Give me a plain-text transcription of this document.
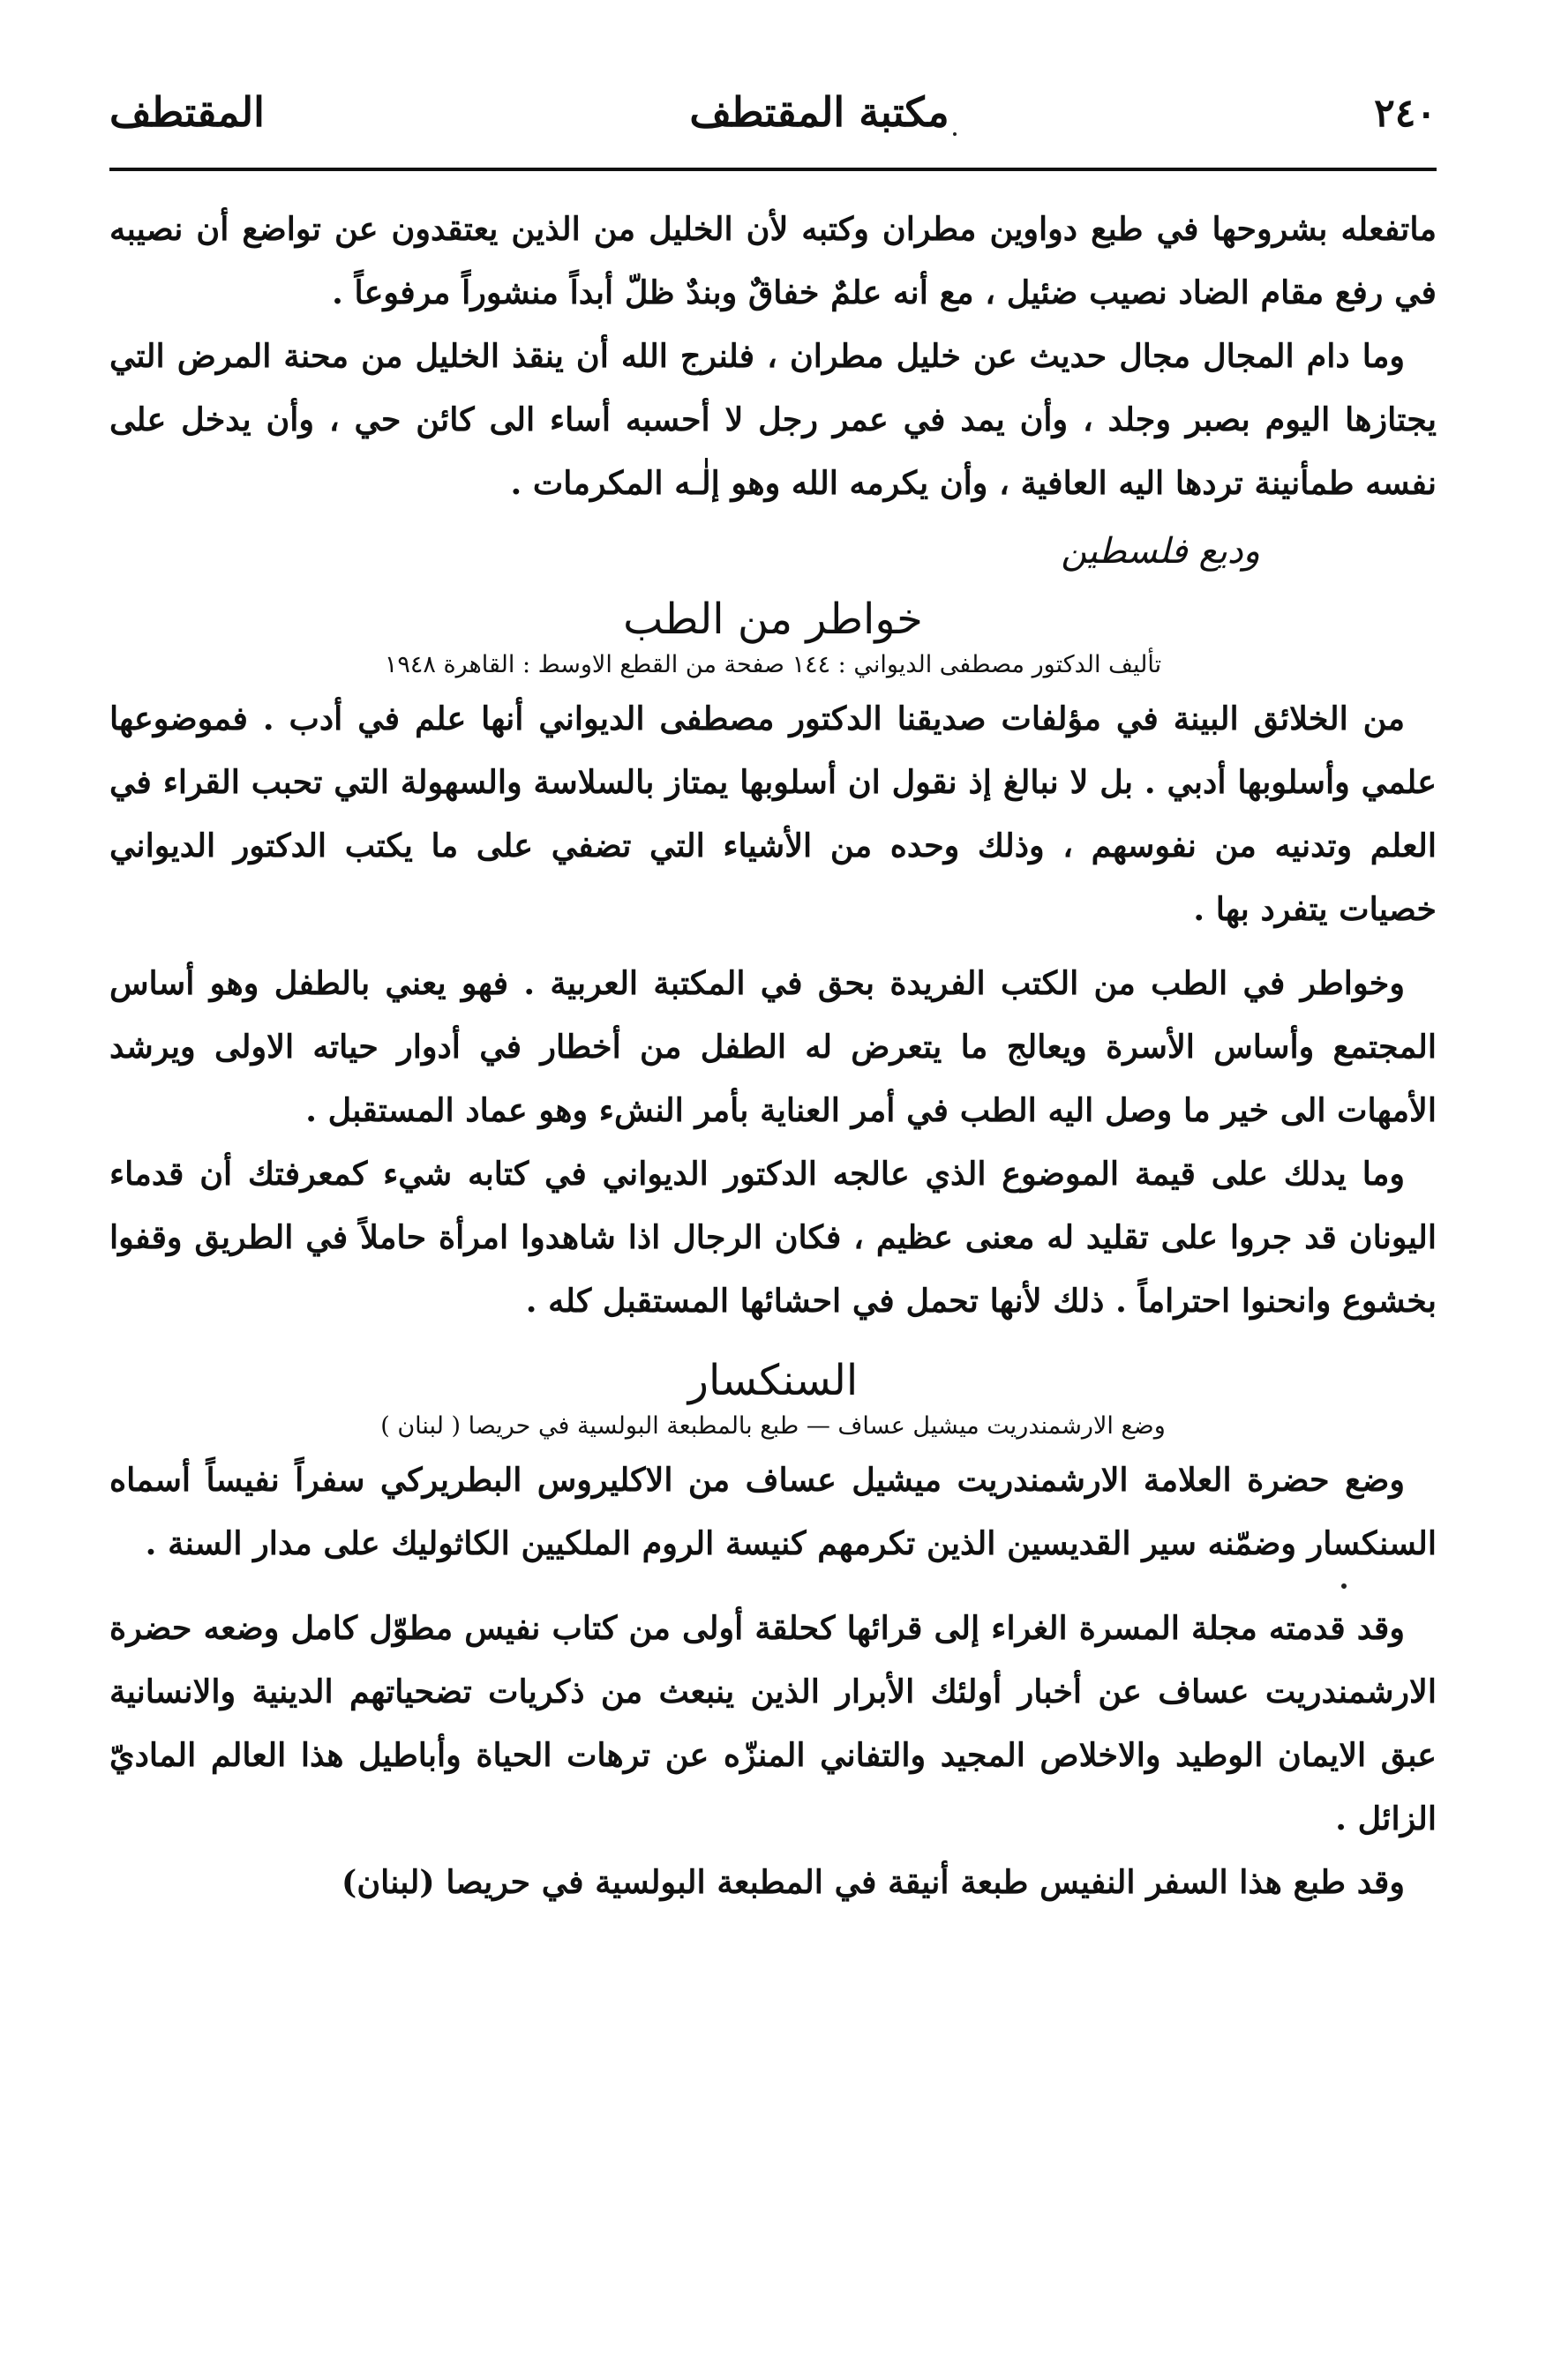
٢٤٠
مكتبة المقتطف
المقتطف

ماتفعله بشروحها في طبع دواوين مطران وكتبه لأن الخليل من الذين يعتقدون عن تواضع أن نصيبه في رفع مقام الضاد نصيب ضئيل ، مع أنه علمٌ خفاقٌ وبندٌ ظلّ أبداً منشوراً مرفوعاً .

وما دام المجال مجال حديث عن خليل مطران ، فلنرج الله أن ينقذ الخليل من محنة المرض التي يجتازها اليوم بصبر وجلد ، وأن يمد في عمر رجل لا أحسبه أساء الى كائن حي ، وأن يدخل على نفسه طمأنينة تردها اليه العافية ، وأن يكرمه الله وهو إلٰـه المكرمات .

وديع فلسطين
خواطر من الطب
تأليف الدكتور مصطفى الديواني : ١٤٤ صفحة من القطع الاوسط : القاهرة ١٩٤٨

من الخلائق البينة في مؤلفات صديقنا الدكتور مصطفى الديواني أنها علم في أدب . فموضوعها علمي وأسلوبها أدبي . بل لا نبالغ إذ نقول ان أسلوبها يمتاز بالسلاسة والسهولة التي تحبب القراء في العلم وتدنيه من نفوسهم ، وذلك وحده من الأشياء التي تضفي على ما يكتب الدكتور الديواني خصيات يتفرد بها .

وخواطر في الطب من الكتب الفريدة بحق في المكتبة العربية . فهو يعني بالطفل وهو أساس المجتمع وأساس الأسرة ويعالج ما يتعرض له الطفل من أخطار في أدوار حياته الاولى ويرشد الأمهات الى خير ما وصل اليه الطب في أمر العناية بأمر النشء وهو عماد المستقبل .

وما يدلك على قيمة الموضوع الذي عالجه الدكتور الديواني في كتابه شيء كمعرفتك أن قدماء اليونان قد جروا على تقليد له معنى عظيم ، فكان الرجال اذا شاهدوا امرأة حاملاً في الطريق وقفوا بخشوع وانحنوا احتراماً . ذلك لأنها تحمل في احشائها المستقبل كله .

السنكسار
وضع الارشمندريت ميشيل عساف — طبع بالمطبعة البولسية في حريصا ( لبنان )

وضع حضرة العلامة الارشمندريت ميشيل عساف من الاكليروس البطريركي سفراً نفيساً أسماه السنكسار وضمّنه سير القديسين الذين تكرمهم كنيسة الروم الملكيين الكاثوليك على مدار السنة .

وقد قدمته مجلة المسرة الغراء إلى قرائها كحلقة أولى من كتاب نفيس مطوّل كامل وضعه حضرة الارشمندريت عساف عن أخبار أولئك الأبرار الذين ينبعث من ذكريات تضحياتهم الدينية والانسانية عبق الايمان الوطيد والاخلاص المجيد والتفاني المنزّه عن ترهات الحياة وأباطيل هذا العالم الماديّ الزائل .

وقد طبع هذا السفر النفيس طبعة أنيقة في المطبعة البولسية في حريصا (لبنان)
